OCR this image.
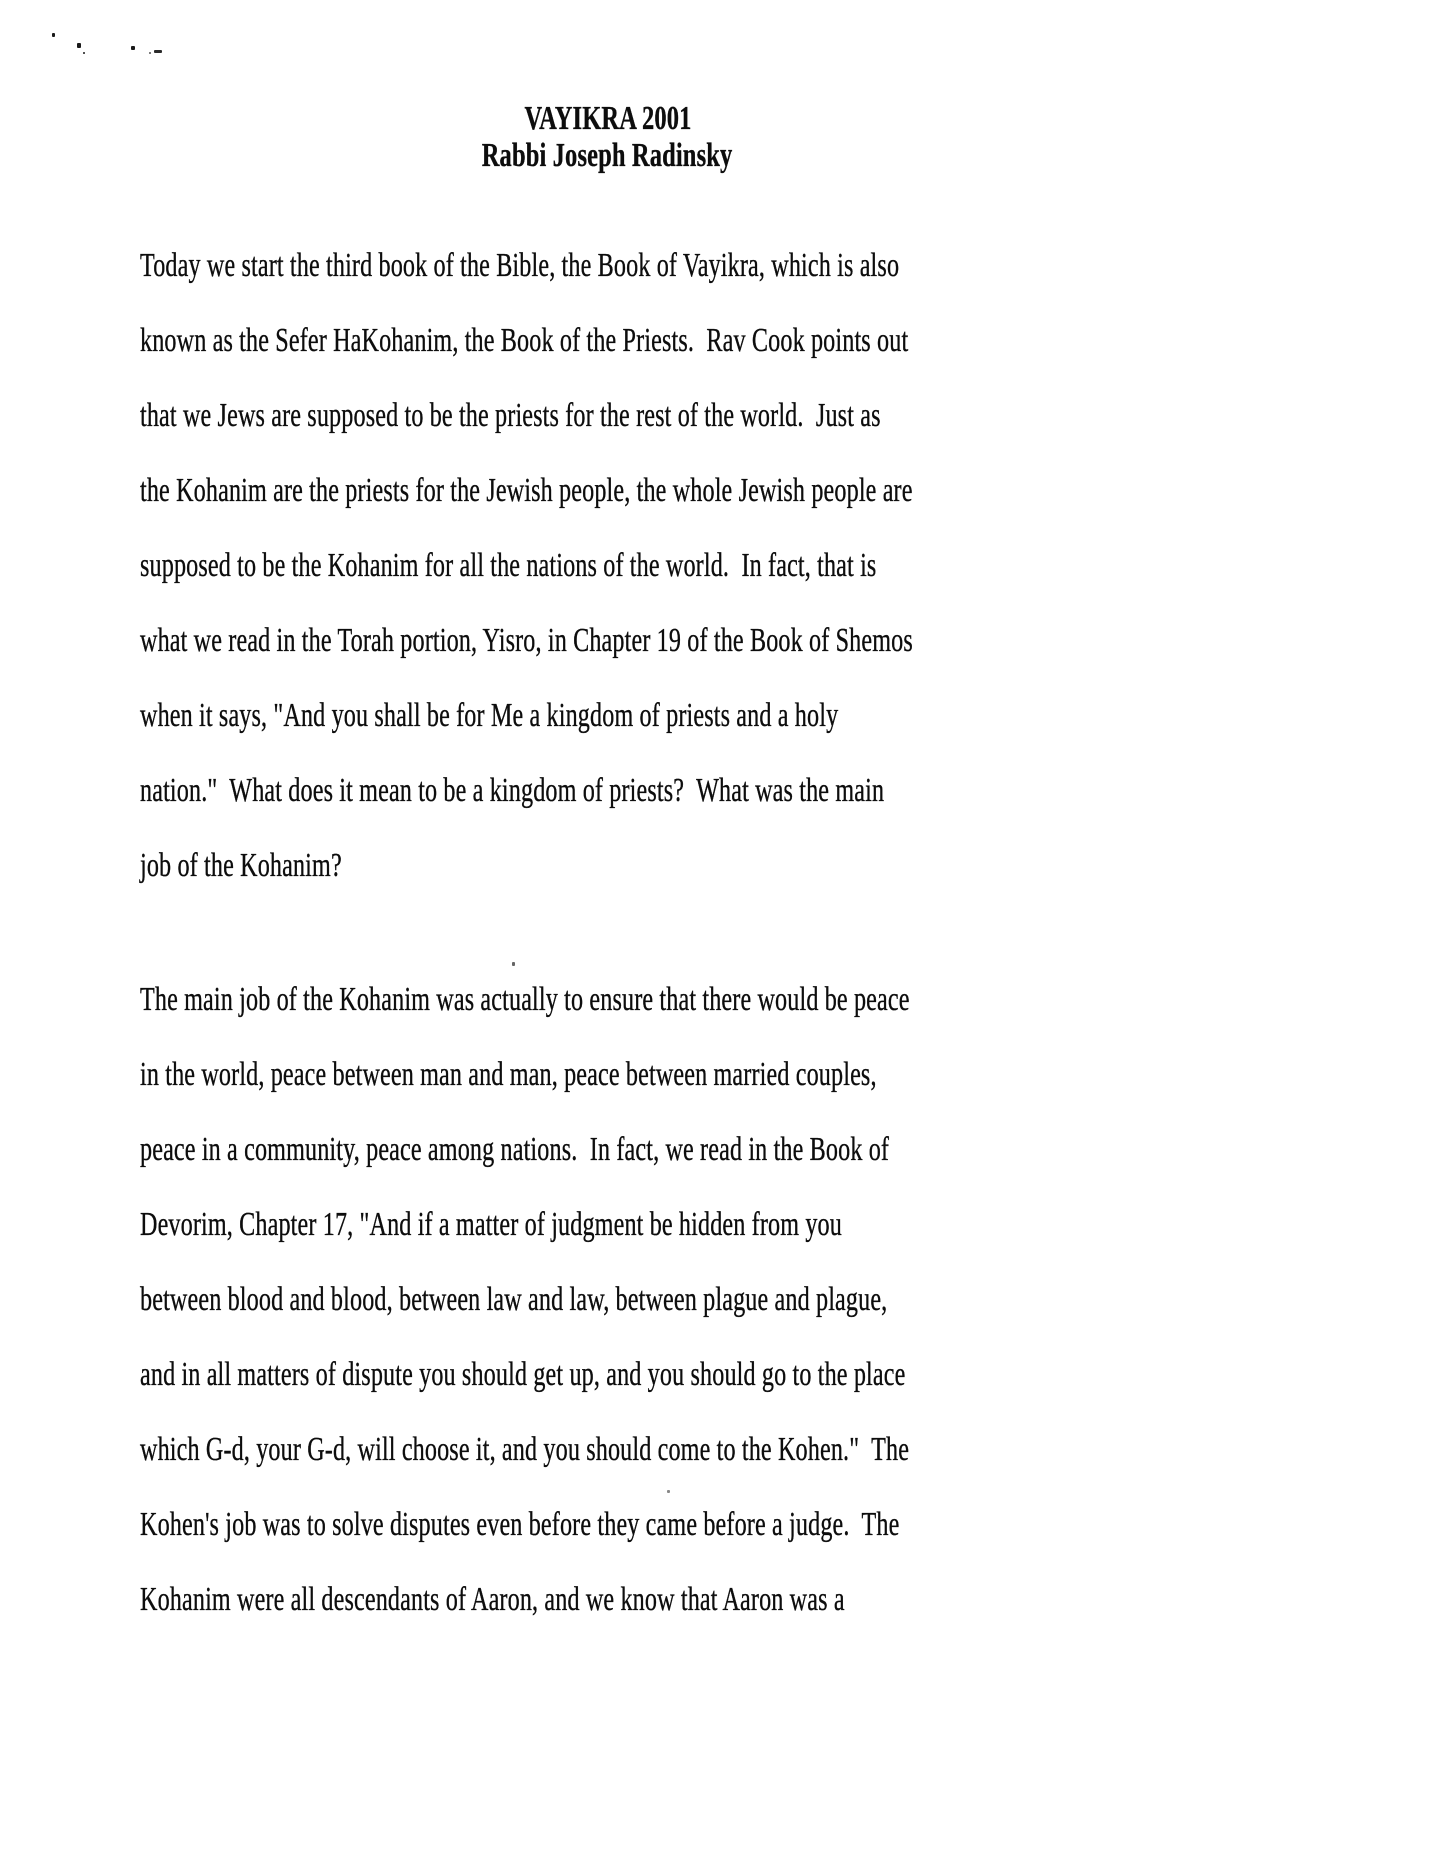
VAYIKRA 2001
Rabbi Joseph Radinsky
Today we start the third book of the Bible, the Book of Vayikra, which is also
known as the Sefer HaKohanim, the Book of the Priests.  Rav Cook points out
that we Jews are supposed to be the priests for the rest of the world.  Just as
the Kohanim are the priests for the Jewish people, the whole Jewish people are
supposed to be the Kohanim for all the nations of the world.  In fact, that is
what we read in the Torah portion, Yisro, in Chapter 19 of the Book of Shemos
when it says, "And you shall be for Me a kingdom of priests and a holy
nation."  What does it mean to be a kingdom of priests?  What was the main
job of the Kohanim?
The main job of the Kohanim was actually to ensure that there would be peace
in the world, peace between man and man, peace between married couples,
peace in a community, peace among nations.  In fact, we read in the Book of
Devorim, Chapter 17, "And if a matter of judgment be hidden from you
between blood and blood, between law and law, between plague and plague,
and in all matters of dispute you should get up, and you should go to the place
which G-d, your G-d, will choose it, and you should come to the Kohen."  The
Kohen's job was to solve disputes even before they came before a judge.  The
Kohanim were all descendants of Aaron, and we know that Aaron was a
